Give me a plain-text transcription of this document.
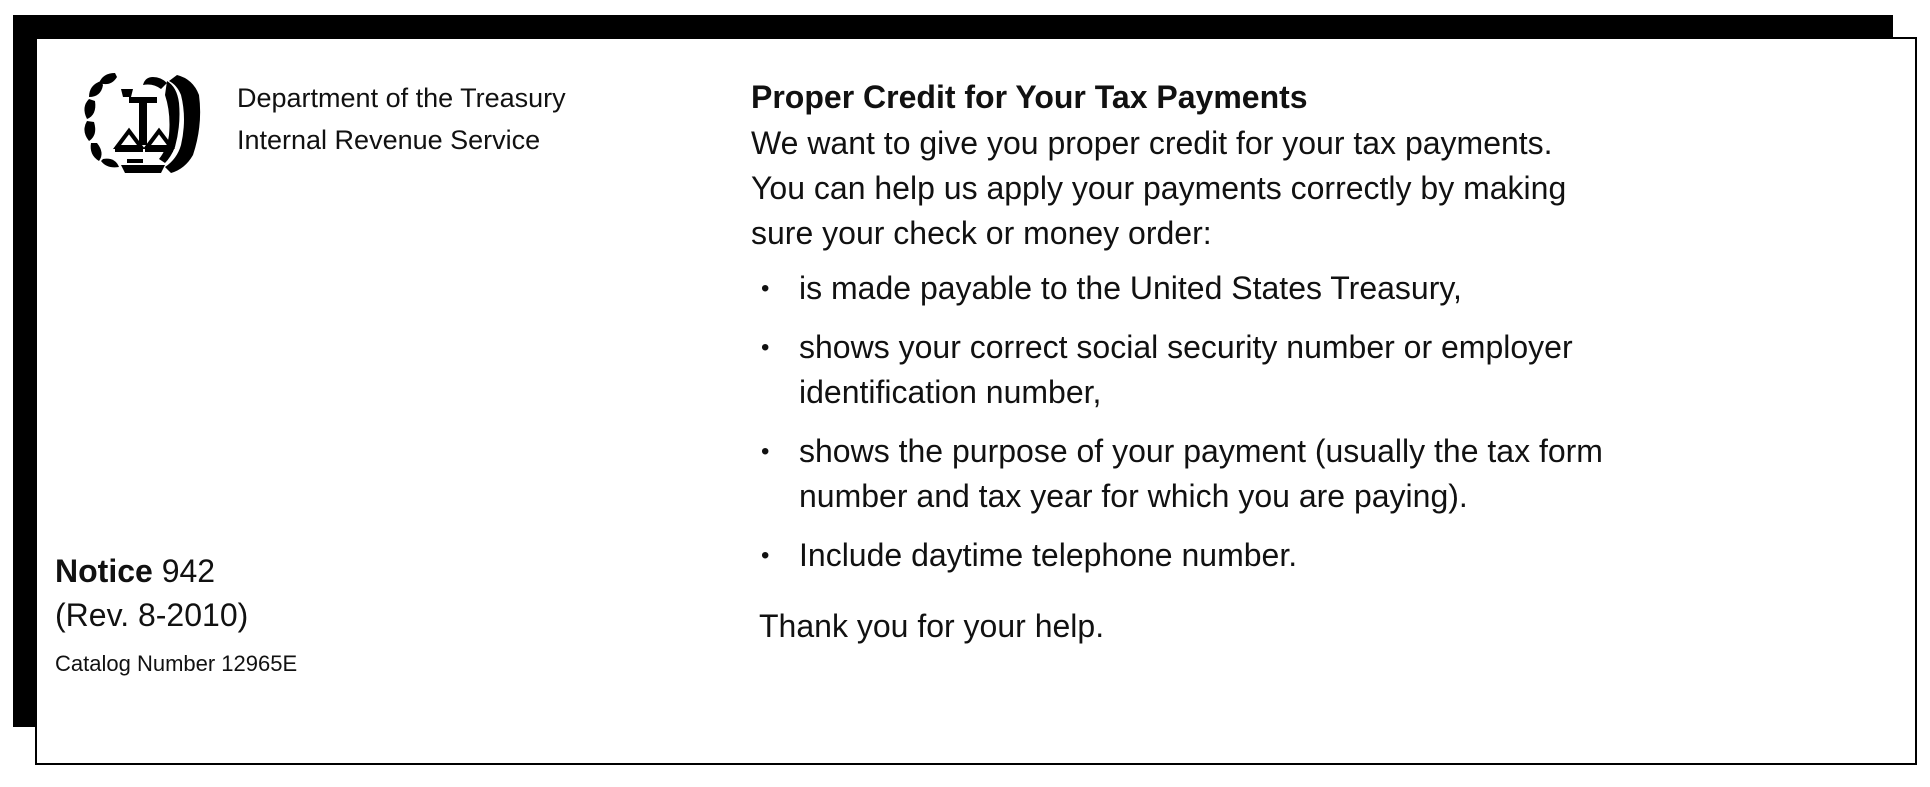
Department of the Treasury
Internal Revenue Service
Notice 942
(Rev. 8-2010)
Catalog Number 12965E
Proper Credit for Your Tax Payments
We want to give you proper credit for your tax payments.
You can help us apply your payments correctly by making
sure your check or money order:
• is made payable to the United States Treasury,
• shows your correct social security number or employer
identification number,
• shows the purpose of your payment (usually the tax form
number and tax year for which you are paying).
• Include daytime telephone number.
Thank you for your help.
